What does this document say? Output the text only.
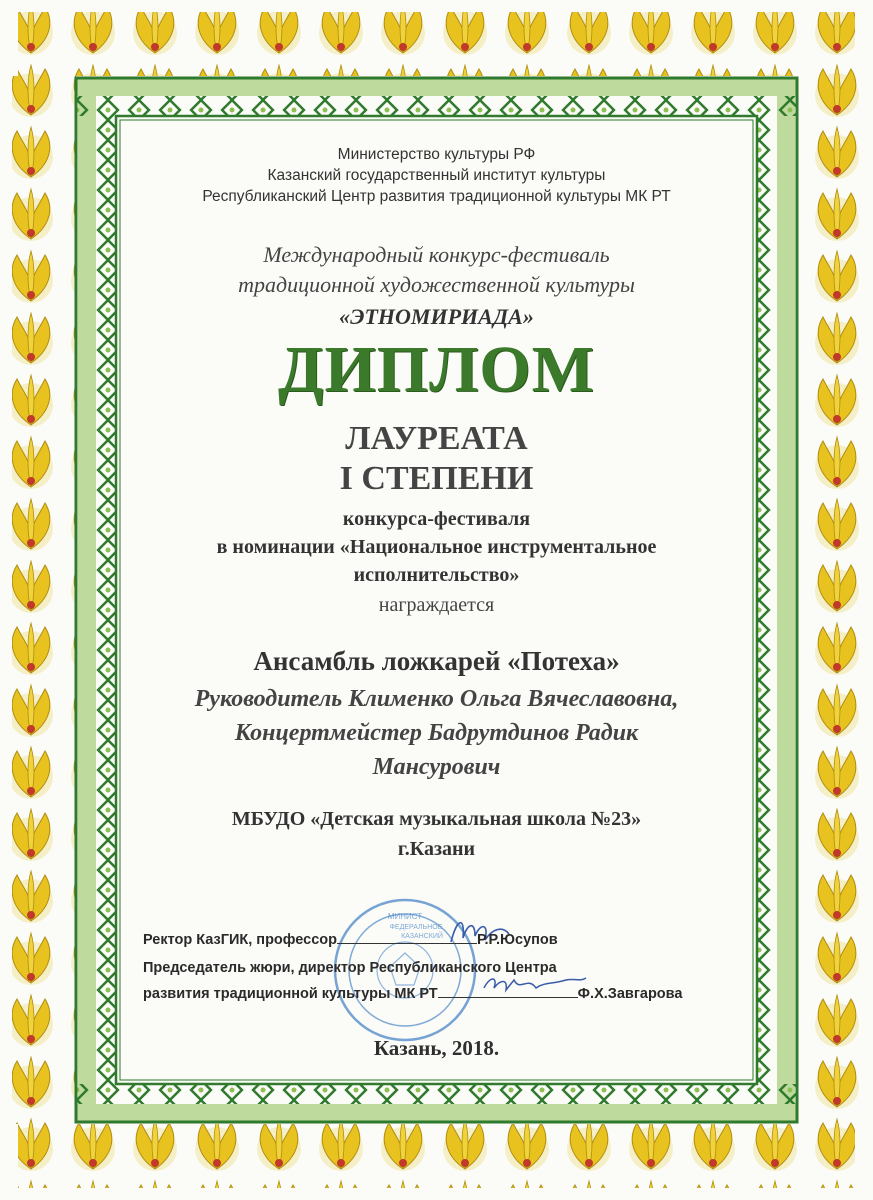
МИНИСТ
ФЕДЕРАЛЬНОЕ
КАЗАНСКИЙ
Министерство культуры РФ
Казанский государственный институт культуры
Республиканский Центр развития традиционной культуры МК РТ
Международный конкурс-фестиваль
традиционной художественной культуры
«ЭТНОМИРИАДА»
ДИПЛОМ
ЛАУРЕАТА
I СТЕПЕНИ
конкурса-фестиваля
в номинации «Национальное инструментальное
исполнительство»
награждается
Ансамбль ложкарей «Потеха»
Руководитель Клименко Ольга Вячеславовна,
Концертмейстер Бадрутдинов Радик
Мансурович
МБУДО «Детская музыкальная школа №23»
г.Казани
Ректор КазГИК, профессор	Р.Р.Юсупов
Председатель жюри, директор Республиканского Центра
развития традиционной культуры МК РТ	Ф.Х.Завгарова
Казань, 2018.
